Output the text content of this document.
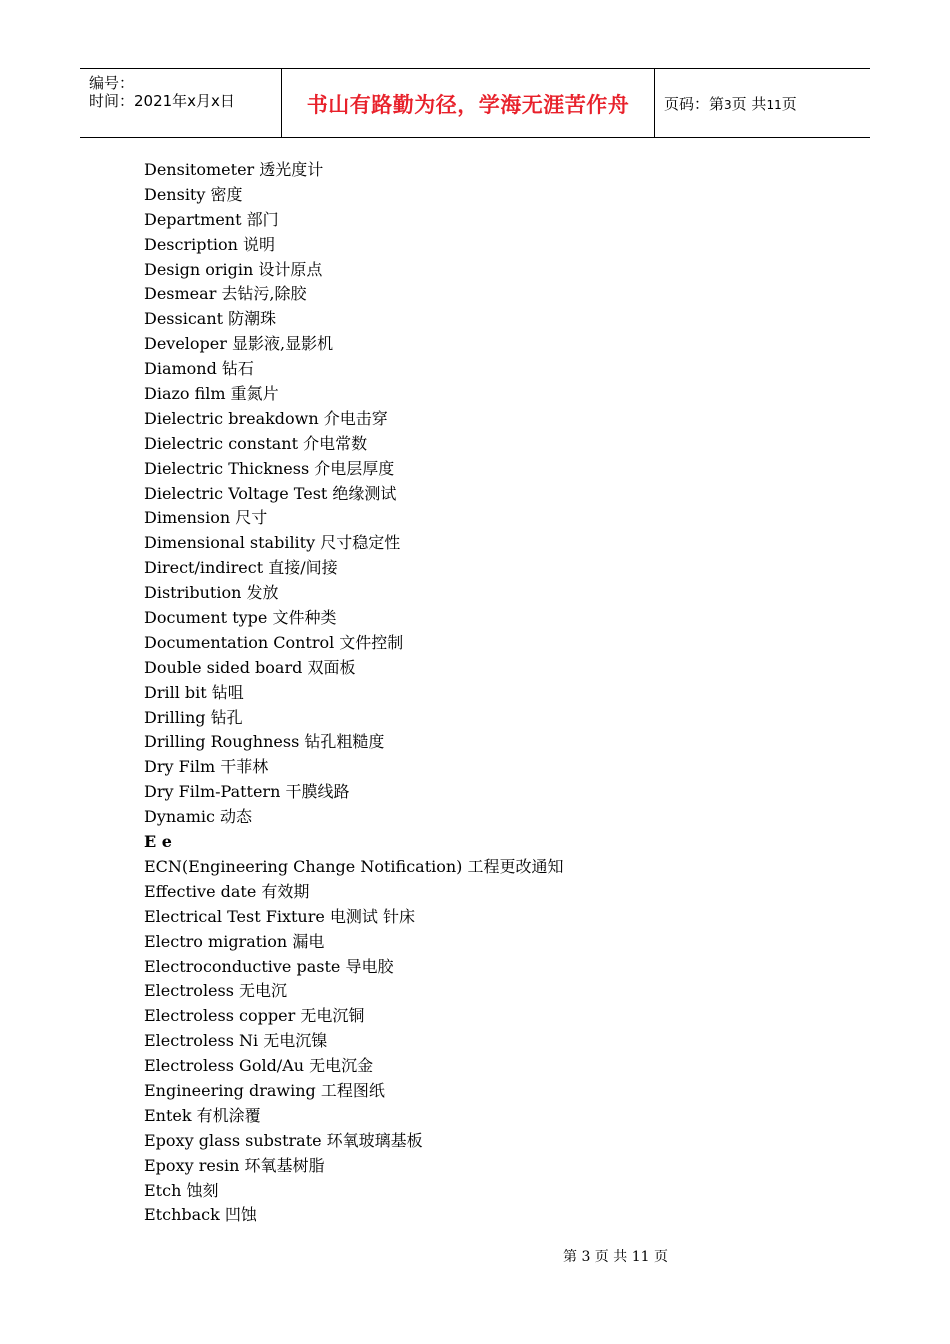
编号：
时间：2021年x月x日	书山有路勤为径，学海无涯苦作舟	页码：第3页 共11页
Densitometer 透光度计
Density 密度
Department 部门
Description 说明
Design origin 设计原点
Desmear 去钻污,除胶
Dessicant 防潮珠
Developer 显影液,显影机
Diamond 钻石
Diazo film 重氮片
Dielectric breakdown 介电击穿
Dielectric constant 介电常数
Dielectric Thickness 介电层厚度
Dielectric Voltage Test 绝缘测试
Dimension 尺寸
Dimensional stability 尺寸稳定性
Direct/indirect 直接/间接
Distribution 发放
Document type 文件种类
Documentation Control 文件控制
Double sided board 双面板
Drill bit 钻咀
Drilling 钻孔
Drilling Roughness 钻孔粗糙度
Dry Film 干菲林
Dry Film-Pattern 干膜线路
Dynamic 动态
E e
ECN(Engineering Change Notification) 工程更改通知
Effective date 有效期
Electrical Test Fixture 电测试 针床
Electro migration 漏电
Electroconductive paste 导电胶
Electroless 无电沉
Electroless copper 无电沉铜
Electroless Ni 无电沉镍
Electroless Gold/Au 无电沉金
Engineering drawing 工程图纸
Entek 有机涂覆
Epoxy glass substrate 环氧玻璃基板
Epoxy resin 环氧基树脂
Etch 蚀刻
Etchback 凹蚀
第 3 页 共 11 页
